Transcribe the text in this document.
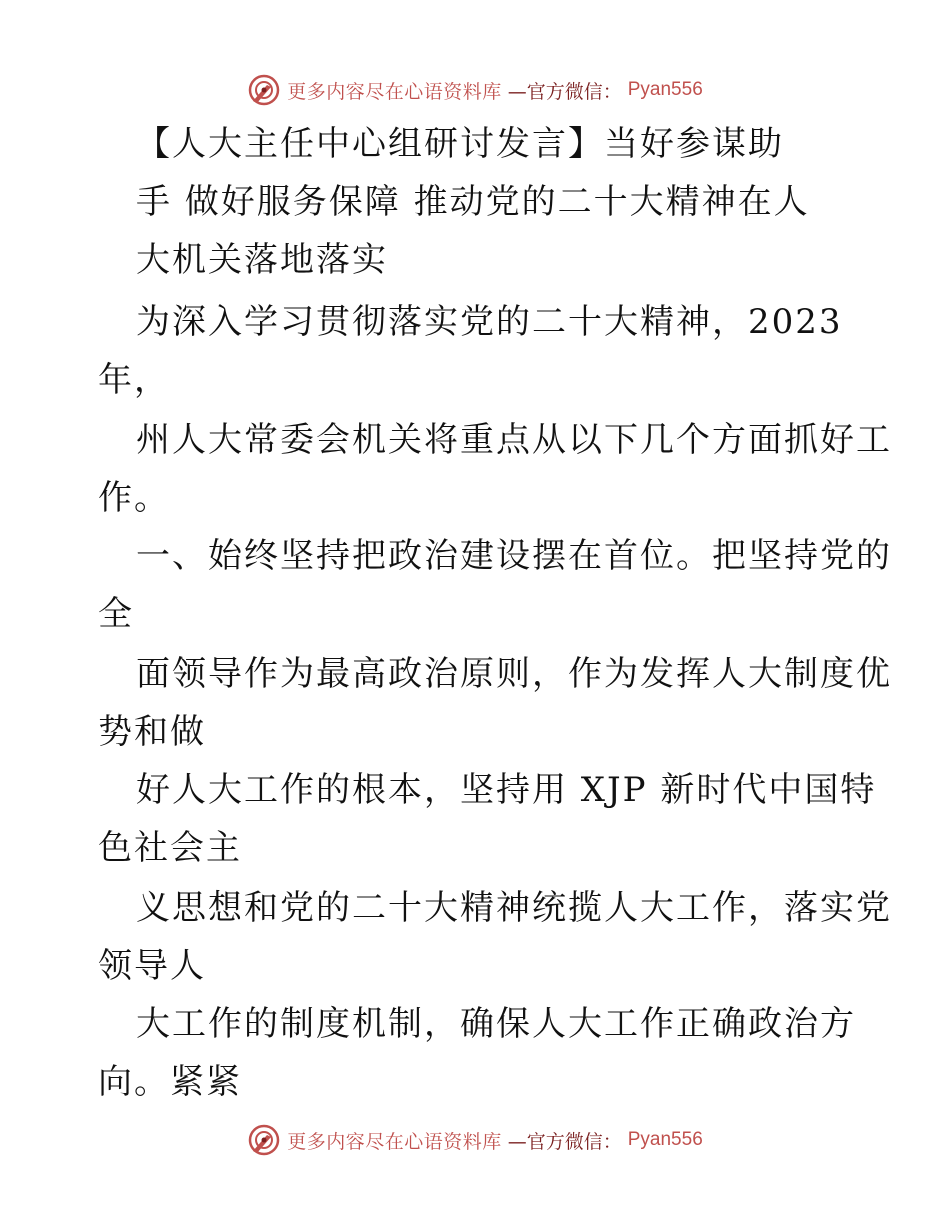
更多内容尽在心语资料库 —官方微信： Pyan556
【人大主任中心组研讨发言】当好参谋助
手 做好服务保障 推动党的二十大精神在人
大机关落地落实
为深入学习贯彻落实党的二十大精神，2023
年，
州人大常委会机关将重点从以下几个方面抓好工
作。
一、始终坚持把政治建设摆在首位。把坚持党的
全
面领导作为最高政治原则，作为发挥人大制度优
势和做
好人大工作的根本，坚持用 XJP 新时代中国特
色社会主
义思想和党的二十大精神统揽人大工作，落实党
领导人
大工作的制度机制，确保人大工作正确政治方
向。紧紧
更多内容尽在心语资料库 —官方微信： Pyan556
